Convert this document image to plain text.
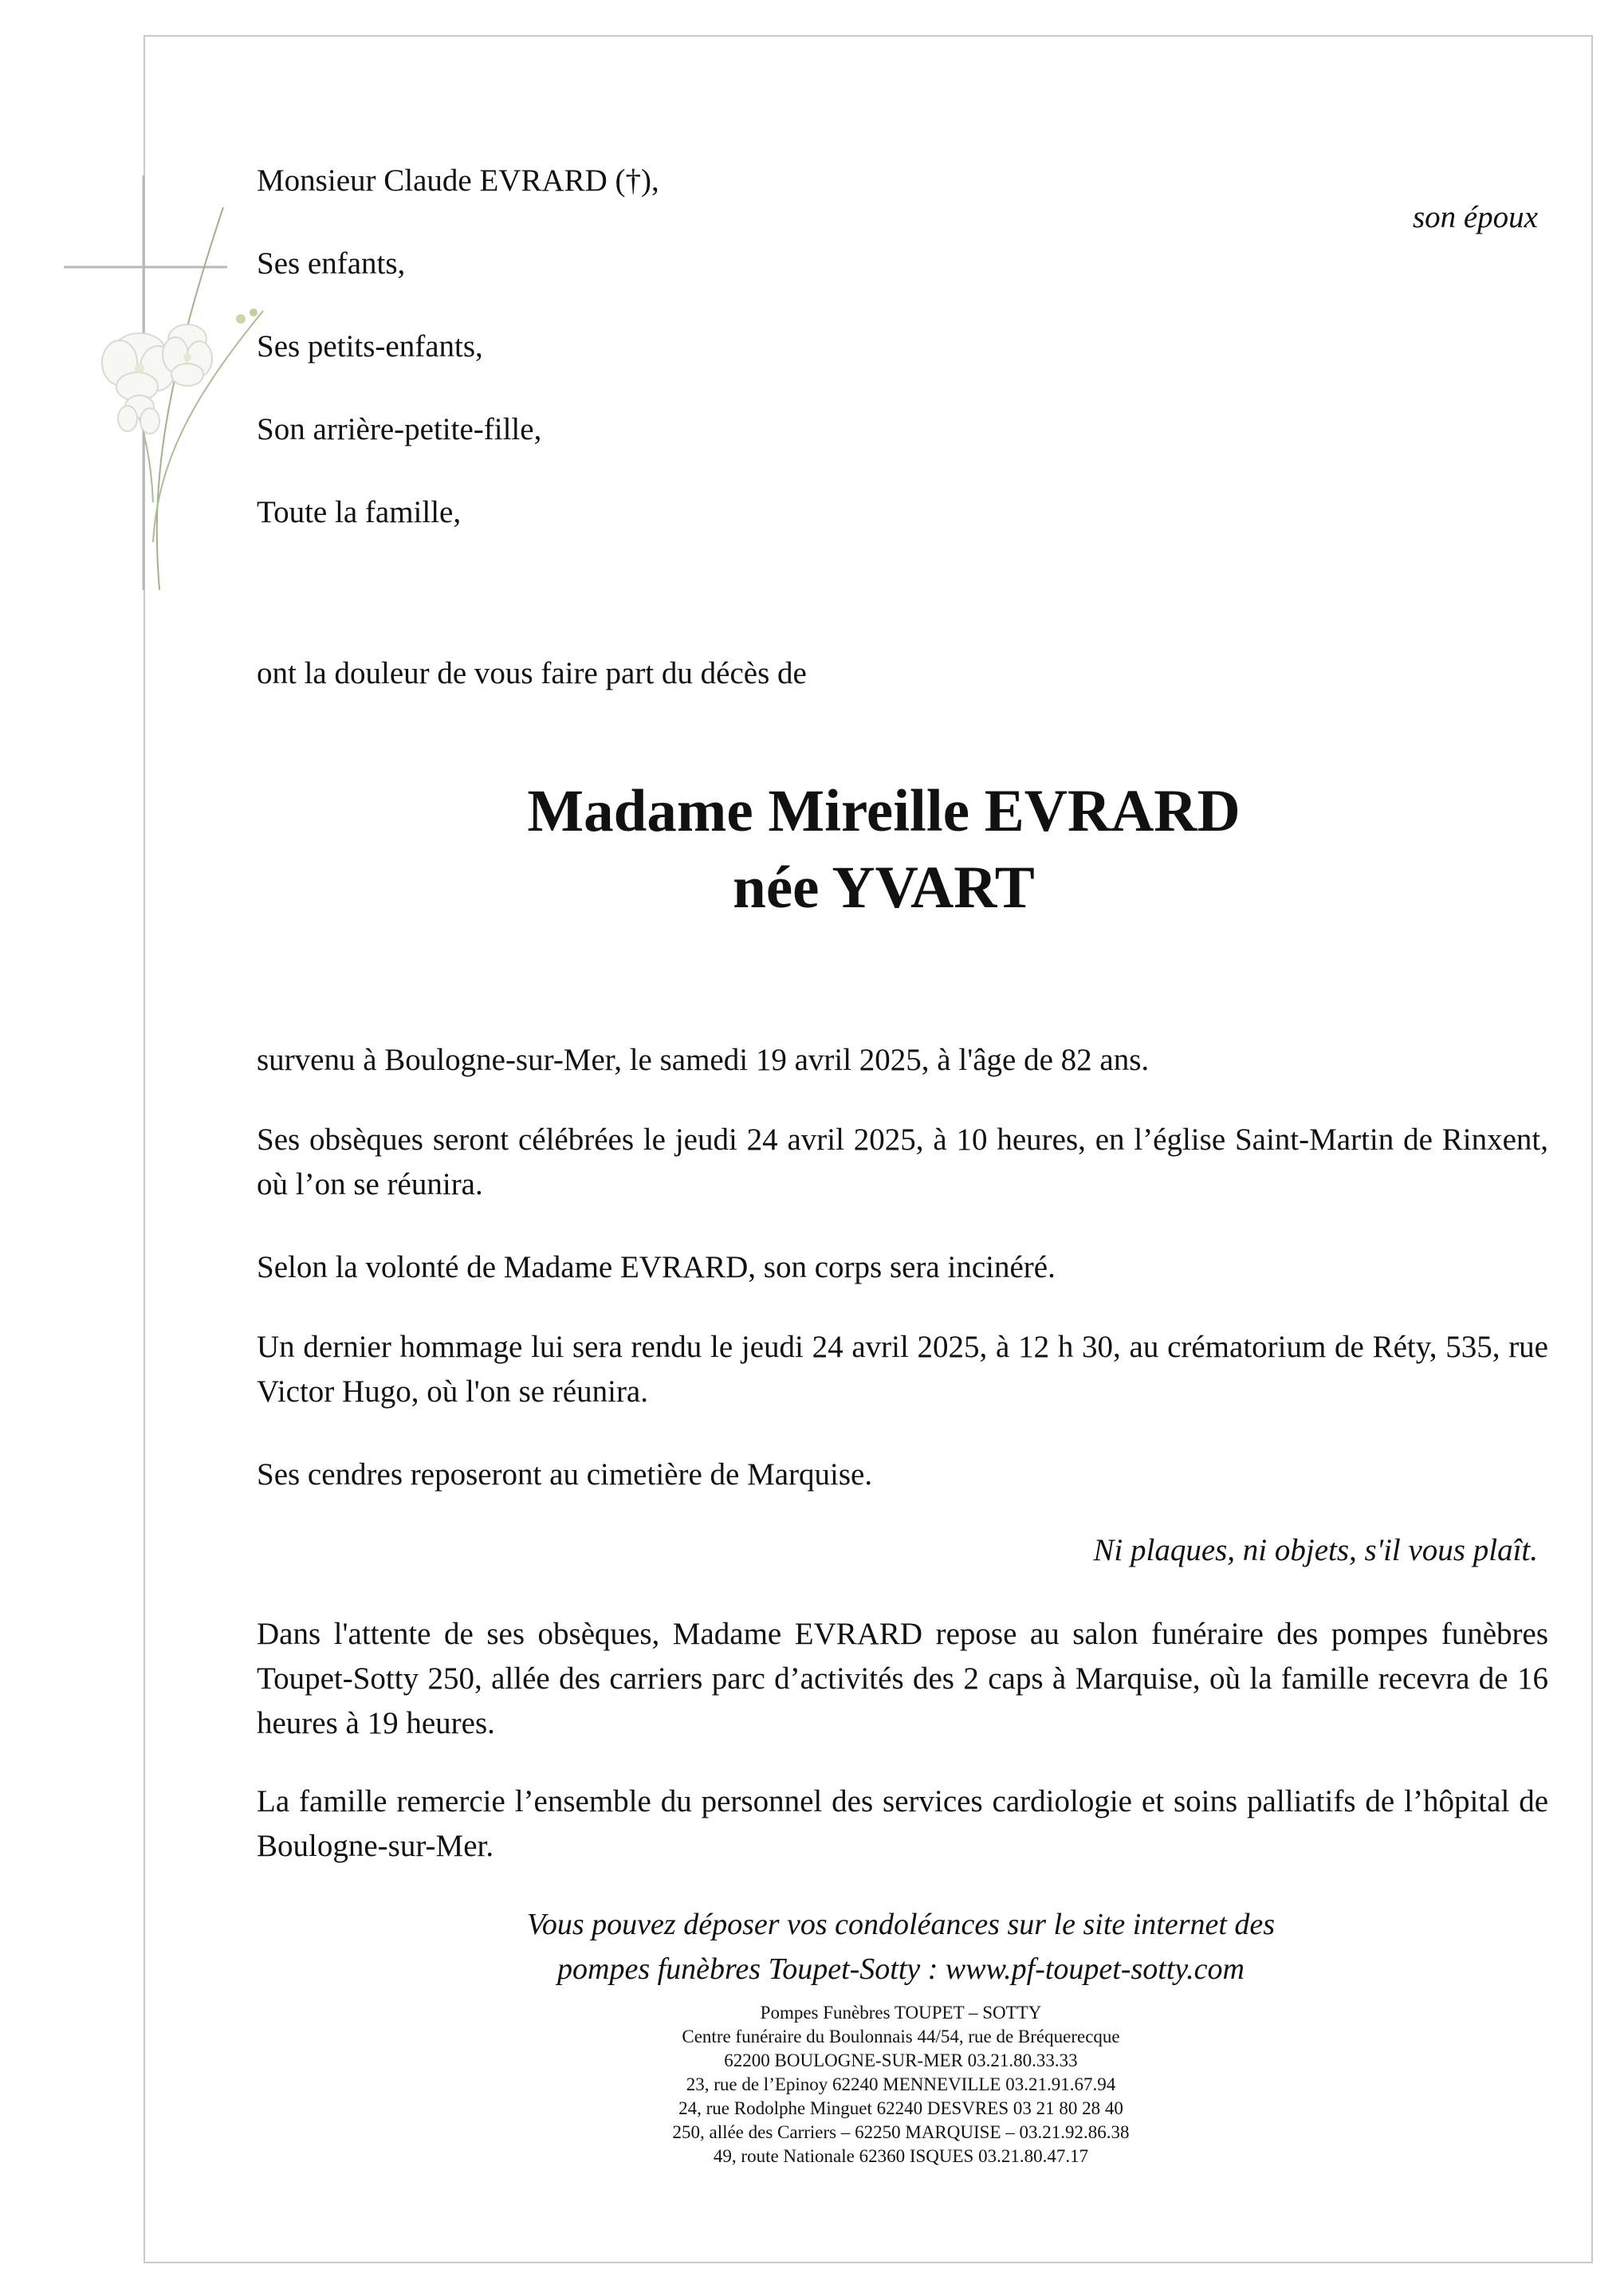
Monsieur Claude EVRARD (†),
son époux
Ses enfants,
Ses petits-enfants,
Son arrière-petite-fille,
Toute la famille,
ont la douleur de vous faire part du décès de
Madame Mireille EVRARD
née YVART
survenu à Boulogne-sur-Mer, le samedi 19 avril 2025, à l'âge de 82 ans.
Ses obsèques seront célébrées le jeudi 24 avril 2025, à 10 heures, en l’église Saint-Martin de Rinxent, où l’on se réunira.
Selon la volonté de Madame EVRARD, son corps sera incinéré.
Un dernier hommage lui sera rendu le jeudi 24 avril 2025, à 12 h 30, au crématorium de Réty, 535, rue Victor Hugo, où l'on se réunira.
Ses cendres reposeront au cimetière de Marquise.
Ni plaques, ni objets, s'il vous plaît.
Dans l'attente de ses obsèques, Madame EVRARD repose au salon funéraire des pompes funèbres Toupet-Sotty 250, allée des carriers parc d’activités des 2 caps à Marquise, où la famille recevra de 16 heures à 19 heures.
La famille remercie l’ensemble du personnel des services cardiologie et soins palliatifs de l’hôpital de Boulogne-sur-Mer.
Vous pouvez déposer vos condoléances sur le site internet des
pompes funèbres Toupet-Sotty : www.pf-toupet-sotty.com
Pompes Funèbres TOUPET – SOTTY
Centre funéraire du Boulonnais 44/54, rue de Bréquerecque
62200 BOULOGNE-SUR-MER 03.21.80.33.33
23, rue de l’Epinoy 62240 MENNEVILLE 03.21.91.67.94
24, rue Rodolphe Minguet 62240 DESVRES 03 21 80 28 40
250, allée des Carriers – 62250 MARQUISE – 03.21.92.86.38
49, route Nationale 62360 ISQUES 03.21.80.47.17
